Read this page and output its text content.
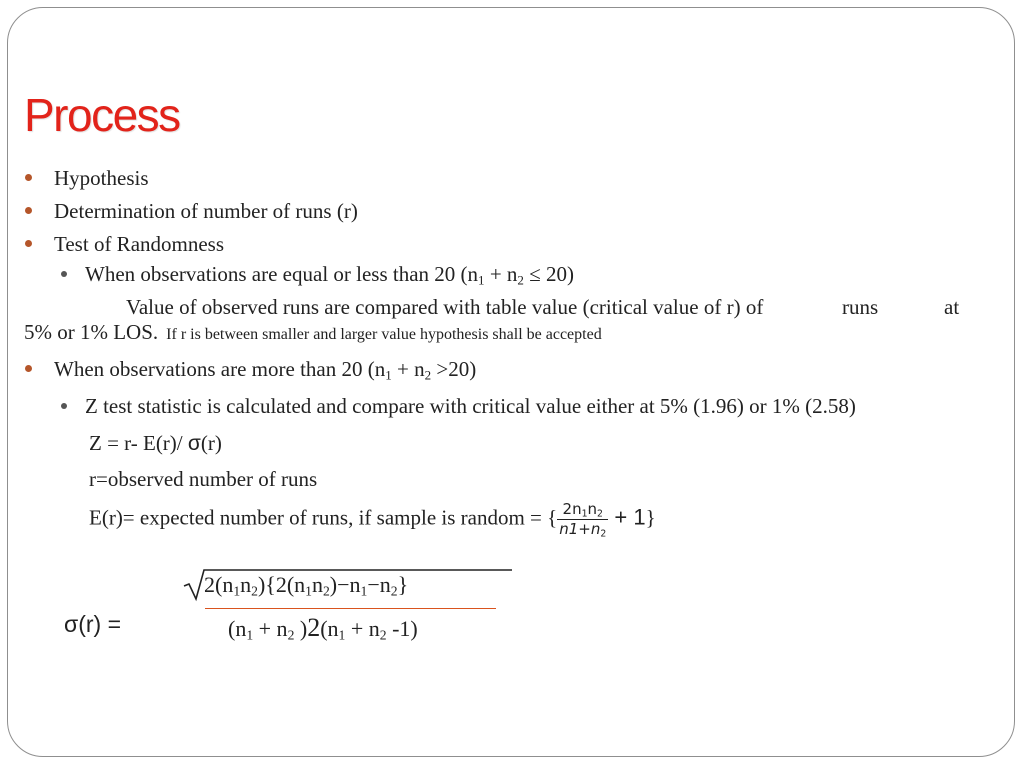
Process
Hypothesis
Determination of number of runs (r)
Test of Randomness
When observations are equal or less than 20 $(n_1 + n_2 \le 20)$
Value of observed runs are compared with table value (critical value of r) of	runs	at
5% or 1% LOS. If r is between smaller and larger value hypothesis shall be accepted
When observations are more than 20 $(n_1 + n_2 >20)$
Z test statistic is calculated and compare with critical value either at 5% (1.96) or 1% (2.58)
Z = r- E(r)/ σ(r)
r=observed number of runs
E(r)= expected number of runs, if sample is random = { $\frac{2n_1n_2}{n1+n_2} + 1$}
σ(r) =
$2(n_1n_2)\{2(n_1n_2)-n_1-n_2\}$
($n_1 + n_2$ )$2(n_1 + n_2$ -1)
